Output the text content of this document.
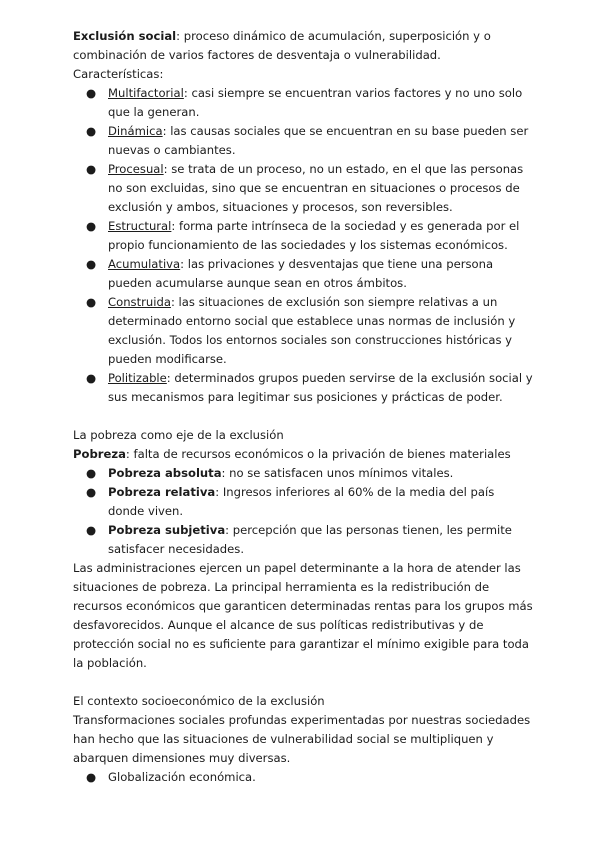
Exclusión social: proceso dinámico de acumulación, superposición y o combinación de varios factores de desventaja o vulnerabilidad.

Características:

● Multifactorial: casi siempre se encuentran varios factores y no uno solo que la generan.
● Dinámica: las causas sociales que se encuentran en su base pueden ser nuevas o cambiantes.
● Procesual: se trata de un proceso, no un estado, en el que las personas no son excluidas, sino que se encuentran en situaciones o procesos de exclusión y ambos, situaciones y procesos, son reversibles.
● Estructural: forma parte intrínseca de la sociedad y es generada por el propio funcionamiento de las sociedades y los sistemas económicos.
● Acumulativa: las privaciones y desventajas que tiene una persona pueden acumularse aunque sean en otros ámbitos.
● Construida: las situaciones de exclusión son siempre relativas a un determinado entorno social que establece unas normas de inclusión y exclusión. Todos los entornos sociales son construcciones históricas y pueden modificarse.
● Politizable: determinados grupos pueden servirse de la exclusión social y sus mecanismos para legitimar sus posiciones y prácticas de poder.

La pobreza como eje de la exclusión

Pobreza: falta de recursos económicos o la privación de bienes materiales

● Pobreza absoluta: no se satisfacen unos mínimos vitales.
● Pobreza relativa: Ingresos inferiores al 60% de la media del país donde viven.
● Pobreza subjetiva: percepción que las personas tienen, les permite satisfacer necesidades.

Las administraciones ejercen un papel determinante a la hora de atender las situaciones de pobreza. La principal herramienta es la redistribución de recursos económicos que garanticen determinadas rentas para los grupos más desfavorecidos. Aunque el alcance de sus políticas redistributivas y de protección social no es suficiente para garantizar el mínimo exigible para toda la población.

El contexto socioeconómico de la exclusión

Transformaciones sociales profundas experimentadas por nuestras sociedades han hecho que las situaciones de vulnerabilidad social se multipliquen y abarquen dimensiones muy diversas.

● Globalización económica.
